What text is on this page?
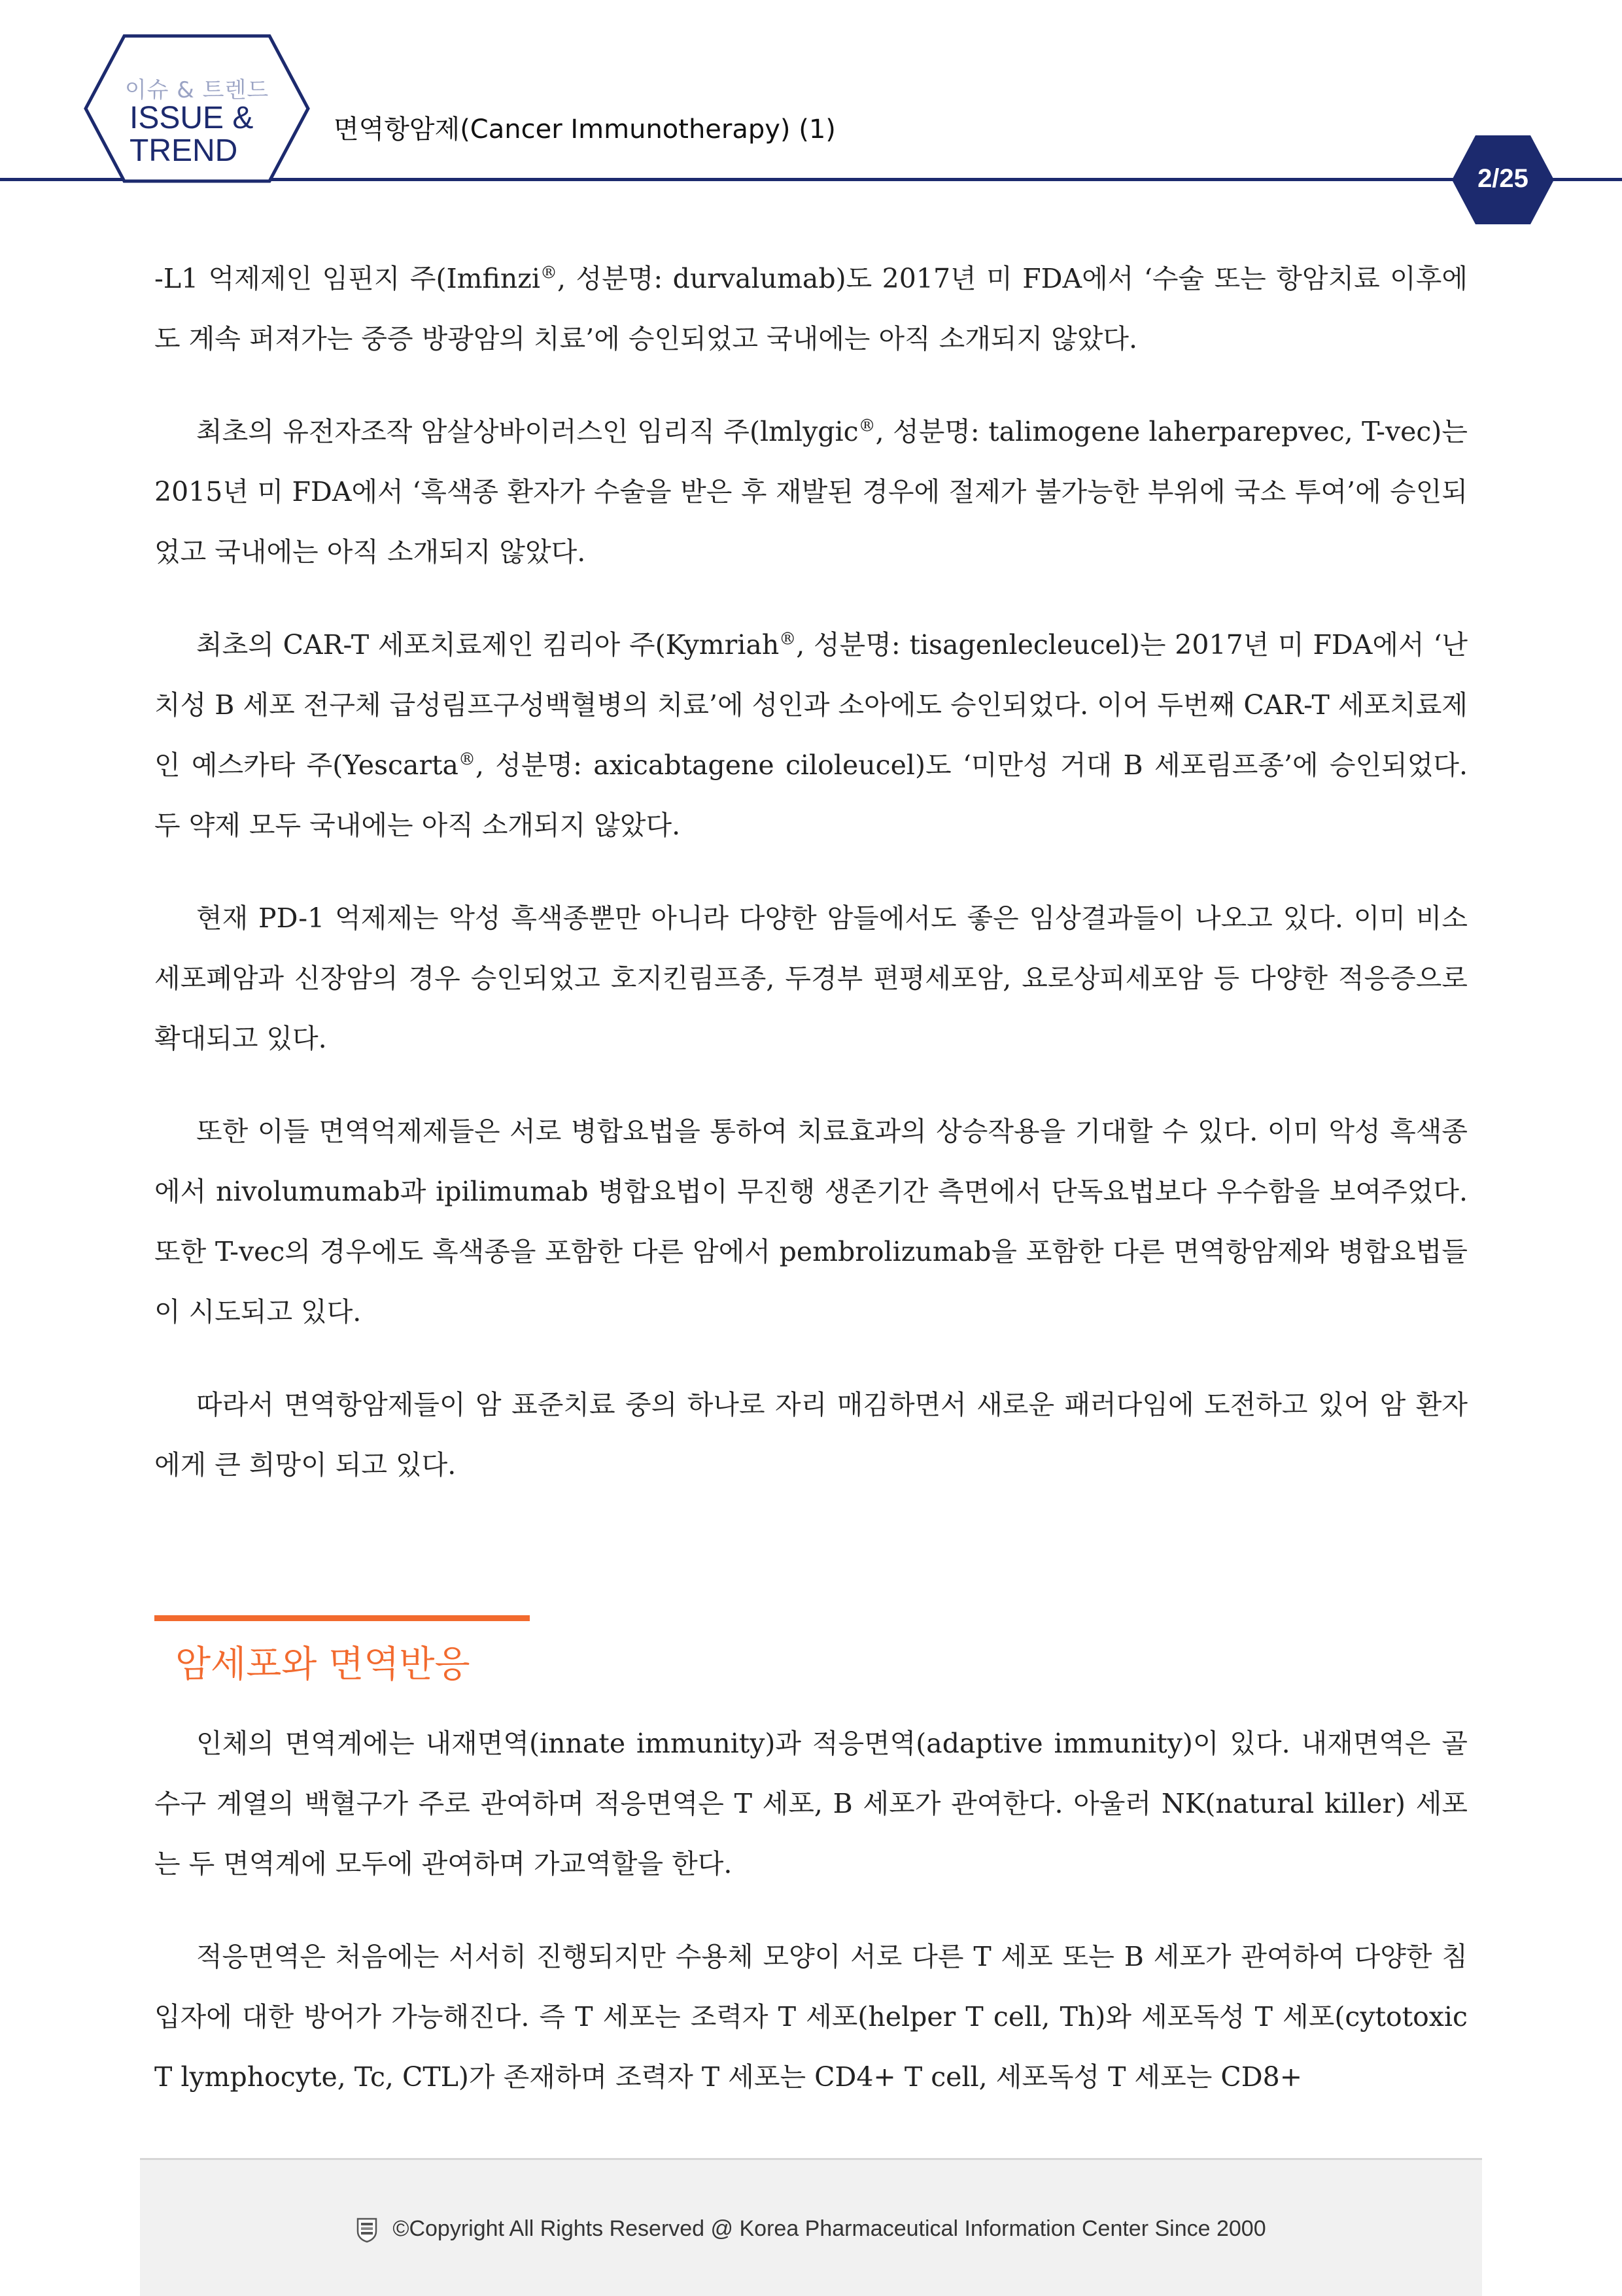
이슈 & 트렌드
ISSUE &
TREND
면역항암제(Cancer Immunotherapy) (1)
2/25

-L1 억제제인 임핀지 주(Imfinzi®, 성분명: durvalumab)도 2017년 미 FDA에서 ‘수술 또는 항암치료 이후에도 계속 퍼져가는 중증 방광암의 치료’에 승인되었고 국내에는 아직 소개되지 않았다.

최초의 유전자조작 암살상바이러스인 임리직 주(lmlygic®, 성분명: talimogene laherparepvec, T-vec)는 2015년 미 FDA에서 ‘흑색종 환자가 수술을 받은 후 재발된 경우에 절제가 불가능한 부위에 국소 투여’에 승인되었고 국내에는 아직 소개되지 않았다.

최초의 CAR-T 세포치료제인 킴리아 주(Kymriah®, 성분명: tisagenlecleucel)는 2017년 미 FDA에서 ‘난치성 B 세포 전구체 급성림프구성백혈병의 치료’에 성인과 소아에도 승인되었다. 이어 두번째 CAR-T 세포치료제인 예스카타 주(Yescarta®, 성분명: axicabtagene ciloleucel)도 ‘미만성 거대 B 세포림프종’에 승인되었다. 두 약제 모두 국내에는 아직 소개되지 않았다.

현재 PD-1 억제제는 악성 흑색종뿐만 아니라 다양한 암들에서도 좋은 임상결과들이 나오고 있다. 이미 비소세포폐암과 신장암의 경우 승인되었고 호지킨림프종, 두경부 편평세포암, 요로상피세포암 등 다양한 적응증으로 확대되고 있다.

또한 이들 면역억제제들은 서로 병합요법을 통하여 치료효과의 상승작용을 기대할 수 있다. 이미 악성 흑색종에서 nivolumumab과 ipilimumab 병합요법이 무진행 생존기간 측면에서 단독요법보다 우수함을 보여주었다. 또한 T-vec의 경우에도 흑색종을 포함한 다른 암에서 pembrolizumab을 포함한 다른 면역항암제와 병합요법들이 시도되고 있다.

따라서 면역항암제들이 암 표준치료 중의 하나로 자리 매김하면서 새로운 패러다임에 도전하고 있어 암 환자에게 큰 희망이 되고 있다.

암세포와 면역반응

인체의 면역계에는 내재면역(innate immunity)과 적응면역(adaptive immunity)이 있다. 내재면역은 골수구 계열의 백혈구가 주로 관여하며 적응면역은 T 세포, B 세포가 관여한다. 아울러 NK(natural killer) 세포는 두 면역계에 모두에 관여하며 가교역할을 한다.

적응면역은 처음에는 서서히 진행되지만 수용체 모양이 서로 다른 T 세포 또는 B 세포가 관여하여 다양한 침입자에 대한 방어가 가능해진다. 즉 T 세포는 조력자 T 세포(helper T cell, Th)와 세포독성 T 세포(cytotoxic T lymphocyte, Tc, CTL)가 존재하며 조력자 T 세포는 CD4+ T cell, 세포독성 T 세포는 CD8+

©Copyright All Rights Reserved @ Korea Pharmaceutical Information Center Since 2000
